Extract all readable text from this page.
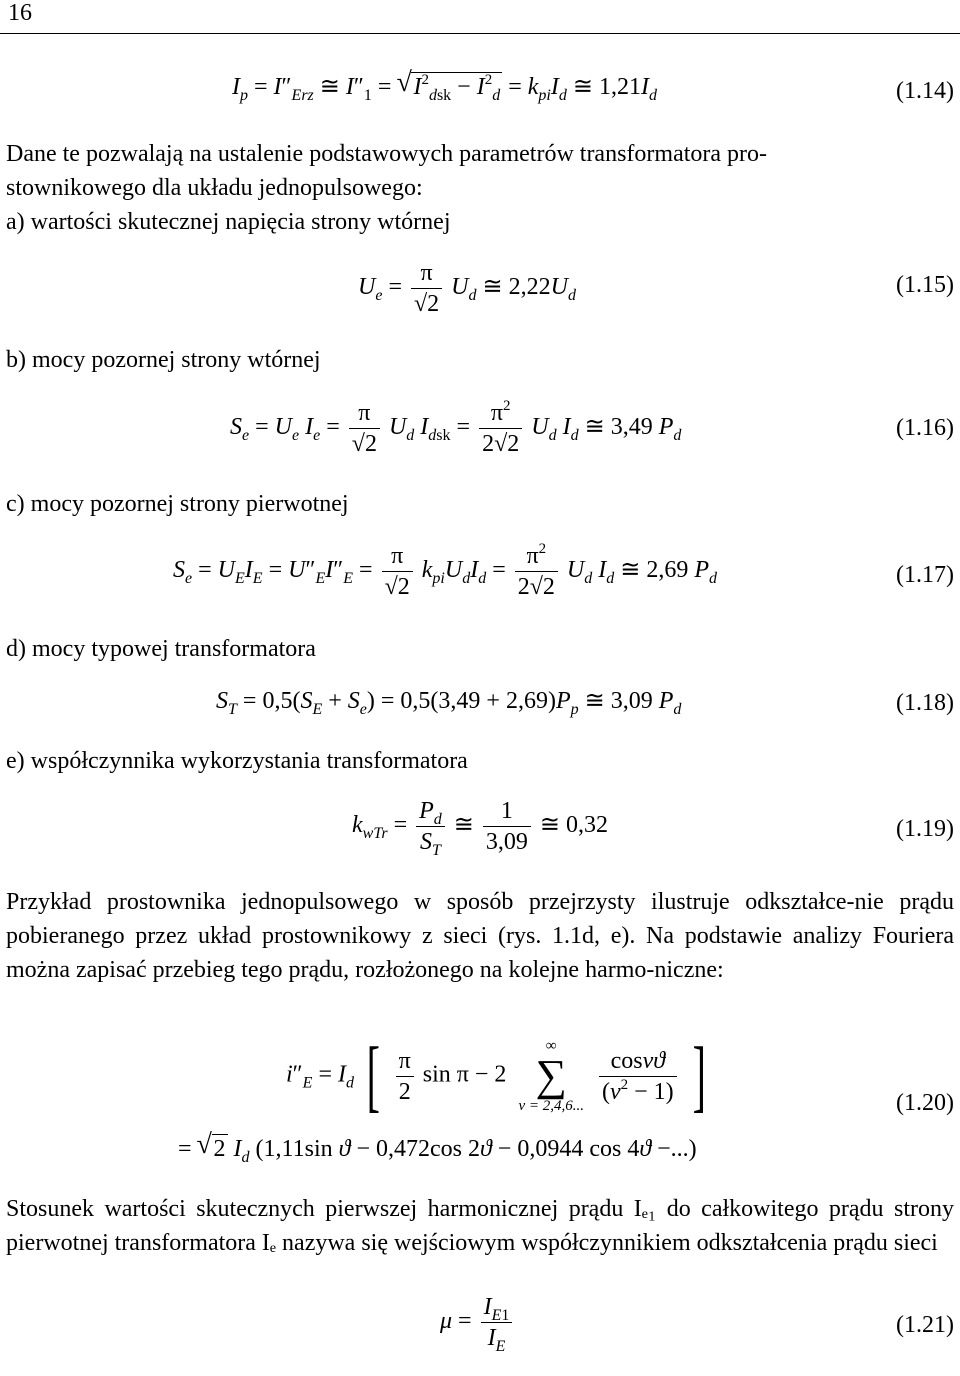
16
$I_p = I''_{Erz}$ ≅ $I''_1$ = √ $I^2_{dsk} - I^2_d = k_{pi}I_d$ ≅ $1,21I_d$	(1.14)

Dane te pozwalają na ustalenie podstawowych parametrów transformatora pro-

stownikowego dla układu jednopulsowego:

a) wartości skutecznej napięcia strony wtórnej

$U_e = \frac{\pi}{√2} U_d$ ≅ $2,22U_d$	(1.15)

b) mocy pozornej strony wtórnej

$S_e = U_e$ $I_e = \frac{\pi}{√2} U_d$ $I_{dsk} = \frac{\pi^2}{2√2} U_d$ $I_d$ ≅ 3,49 $P_d$	(1.16)

c) mocy pozornej strony pierwotnej

$S_e = U_EI_E = U''_EI''_E = \frac{\pi}{√2} k_{pi}U_dI_d = \frac{\pi^2}{2√2} U_d$ $I_d$ ≅ 2,69 $P_d$	(1.17)

d) mocy typowej transformatora

$S_T = 0,5(S_E + S_e) = 0,5(3,49 + 2,69)P_p$ ≅ 3,09 $P_d$	(1.18)

e) współczynnika wykorzystania transformatora

$k_{wTr} = \frac{P_d}{S_T}$ ≅ $\frac{1}{3,09}$ ≅ 0,32	(1.19)

Przykład prostownika jednopulsowego w sposób przejrzysty ilustruje odkształce-nie prądu pobieranego przez układ prostownikowy z sieci (rys. 1.1d, e). Na podstawie analizy Fouriera można zapisać przebieg tego prądu, rozłożonego na kolejne harmo-niczne:

$i''_E = I_d$ [ $\frac{\pi}{2}$ sin π − 2
∞
∑
ν = 2,4,6...
$\frac{\cos\nu ϑ}{(\nu^2 - 1)}$ ]	(1.20)
= √ 2 $I_d$ (1,11sin ϑ − 0,472cos 2ϑ − 0,0944 cos 4ϑ −...)

Stosunek wartości skutecznych pierwszej harmonicznej prądu Iₑ₁ do całkowitego prądu strony pierwotnej transformatora Iₑ nazywa się wejściowym współczynnikiem odkształcenia prądu sieci

$\mu = \frac{I_{E1}}{I_E}$	(1.21)
